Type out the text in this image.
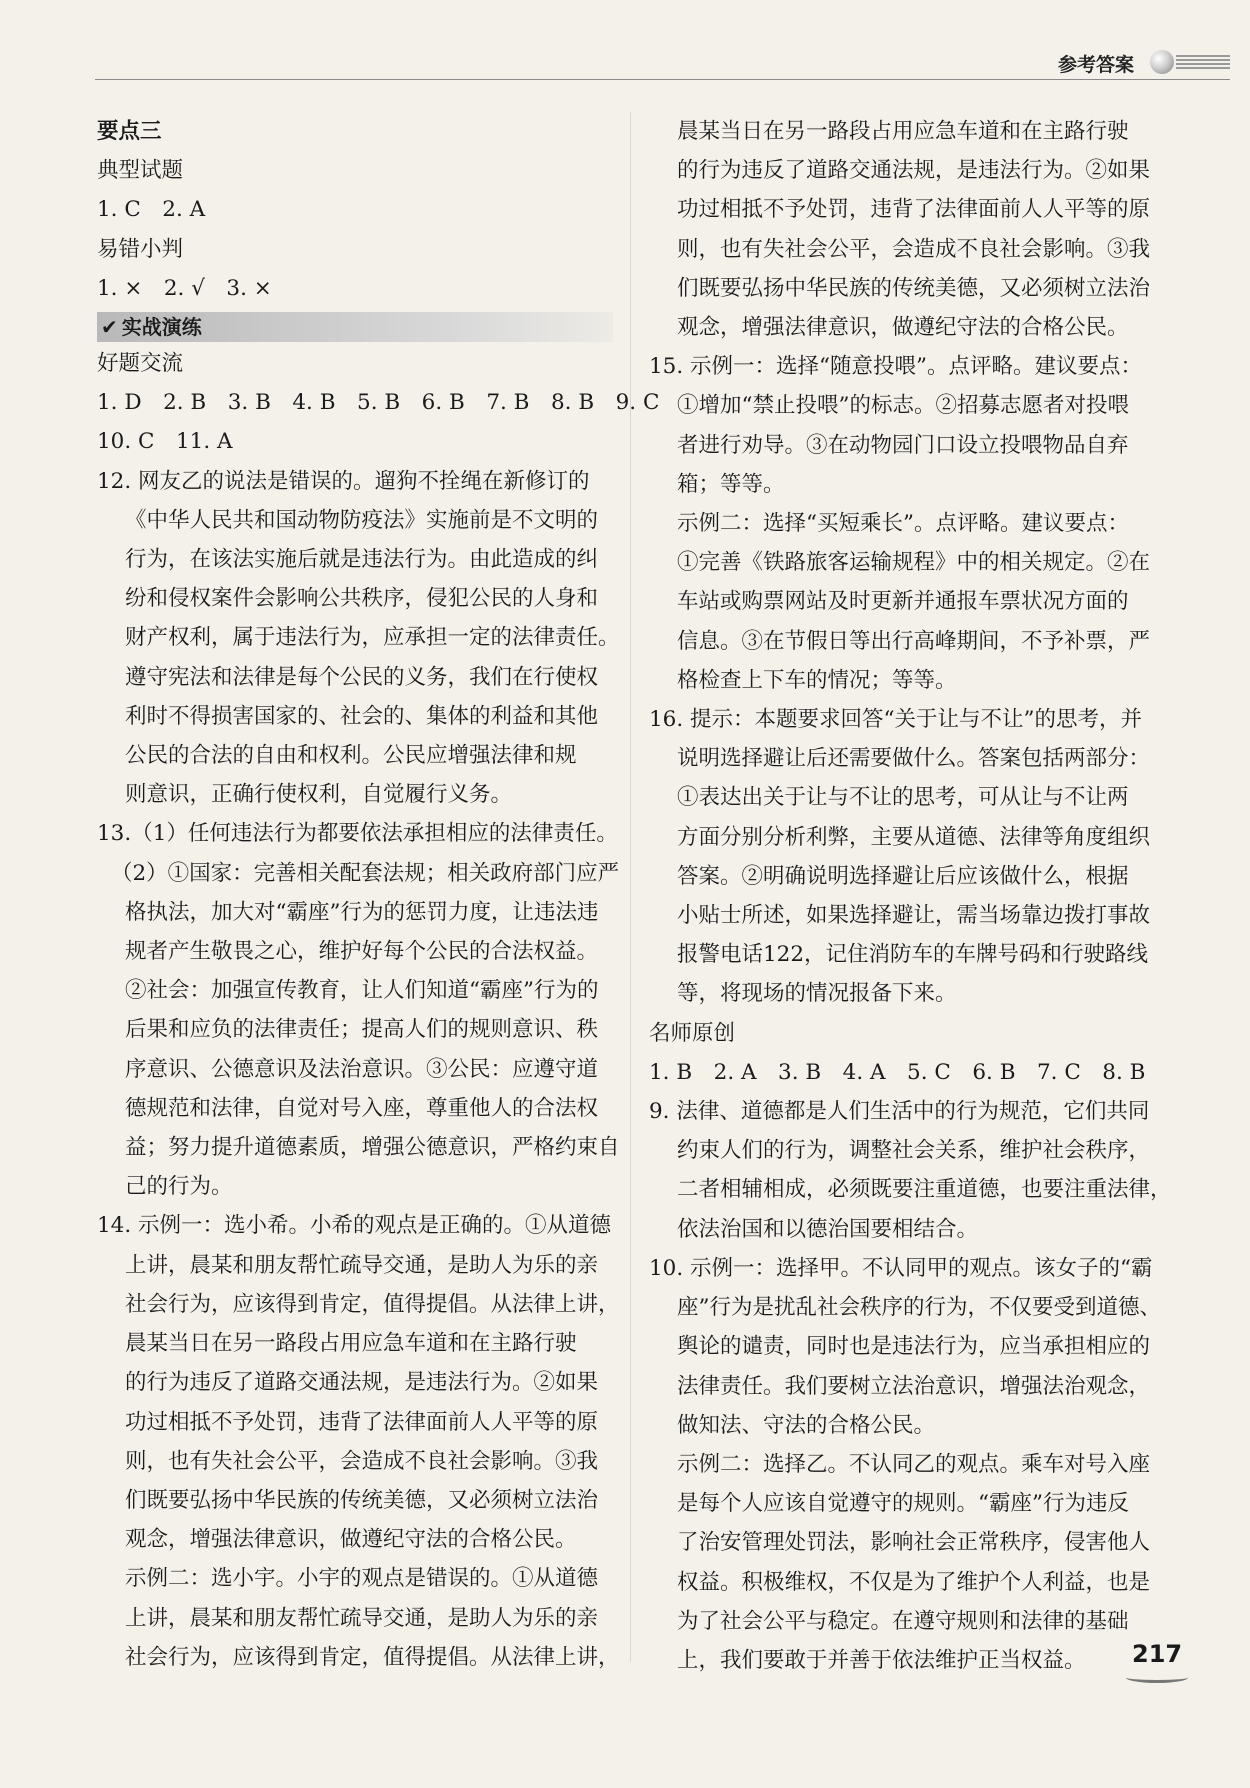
参考答案
要点三
典型试题
1. C　2. A
易错小判
1. ×　2. √　3. ×
✔ 实战演练
好题交流
1. D　2. B　3. B　4. B　5. B　6. B　7. B　8. B　9. C
10. C　11. A
12. 网友乙的说法是错误的。遛狗不拴绳在新修订的
《中华人民共和国动物防疫法》实施前是不文明的
行为，在该法实施后就是违法行为。由此造成的纠
纷和侵权案件会影响公共秩序，侵犯公民的人身和
财产权利，属于违法行为，应承担一定的法律责任。
遵守宪法和法律是每个公民的义务，我们在行使权
利时不得损害国家的、社会的、集体的利益和其他
公民的合法的自由和权利。公民应增强法律和规
则意识，正确行使权利，自觉履行义务。
13.（1）任何违法行为都要依法承担相应的法律责任。
（2）①国家：完善相关配套法规；相关政府部门应严
格执法，加大对“霸座”行为的惩罚力度，让违法违
规者产生敬畏之心，维护好每个公民的合法权益。
②社会：加强宣传教育，让人们知道“霸座”行为的
后果和应负的法律责任；提高人们的规则意识、秩
序意识、公德意识及法治意识。③公民：应遵守道
德规范和法律，自觉对号入座，尊重他人的合法权
益；努力提升道德素质，增强公德意识，严格约束自
己的行为。
14. 示例一：选小希。小希的观点是正确的。①从道德
上讲，晨某和朋友帮忙疏导交通，是助人为乐的亲
社会行为，应该得到肯定，值得提倡。从法律上讲，
晨某当日在另一路段占用应急车道和在主路行驶
的行为违反了道路交通法规，是违法行为。②如果
功过相抵不予处罚，违背了法律面前人人平等的原
则，也有失社会公平，会造成不良社会影响。③我
们既要弘扬中华民族的传统美德，又必须树立法治
观念，增强法律意识，做遵纪守法的合格公民。
示例二：选小宇。小宇的观点是错误的。①从道德
上讲，晨某和朋友帮忙疏导交通，是助人为乐的亲
社会行为，应该得到肯定，值得提倡。从法律上讲，
晨某当日在另一路段占用应急车道和在主路行驶
的行为违反了道路交通法规，是违法行为。②如果
功过相抵不予处罚，违背了法律面前人人平等的原
则，也有失社会公平，会造成不良社会影响。③我
们既要弘扬中华民族的传统美德，又必须树立法治
观念，增强法律意识，做遵纪守法的合格公民。
15. 示例一：选择“随意投喂”。点评略。建议要点：
①增加“禁止投喂”的标志。②招募志愿者对投喂
者进行劝导。③在动物园门口设立投喂物品自弃
箱；等等。
示例二：选择“买短乘长”。点评略。建议要点：
①完善《铁路旅客运输规程》中的相关规定。②在
车站或购票网站及时更新并通报车票状况方面的
信息。③在节假日等出行高峰期间，不予补票，严
格检查上下车的情况；等等。
16. 提示：本题要求回答“关于让与不让”的思考，并
说明选择避让后还需要做什么。答案包括两部分：
①表达出关于让与不让的思考，可从让与不让两
方面分别分析利弊，主要从道德、法律等角度组织
答案。②明确说明选择避让后应该做什么，根据
小贴士所述，如果选择避让，需当场靠边拨打事故
报警电话122，记住消防车的车牌号码和行驶路线
等，将现场的情况报备下来。
名师原创
1. B　2. A　3. B　4. A　5. C　6. B　7. C　8. B
9. 法律、道德都是人们生活中的行为规范，它们共同
约束人们的行为，调整社会关系，维护社会秩序，
二者相辅相成，必须既要注重道德，也要注重法律，
依法治国和以德治国要相结合。
10. 示例一：选择甲。不认同甲的观点。该女子的“霸
座”行为是扰乱社会秩序的行为，不仅要受到道德、
舆论的谴责，同时也是违法行为，应当承担相应的
法律责任。我们要树立法治意识，增强法治观念，
做知法、守法的合格公民。
示例二：选择乙。不认同乙的观点。乘车对号入座
是每个人应该自觉遵守的规则。“霸座”行为违反
了治安管理处罚法，影响社会正常秩序，侵害他人
权益。积极维权，不仅是为了维护个人利益，也是
为了社会公平与稳定。在遵守规则和法律的基础
上，我们要敢于并善于依法维护正当权益。	217
